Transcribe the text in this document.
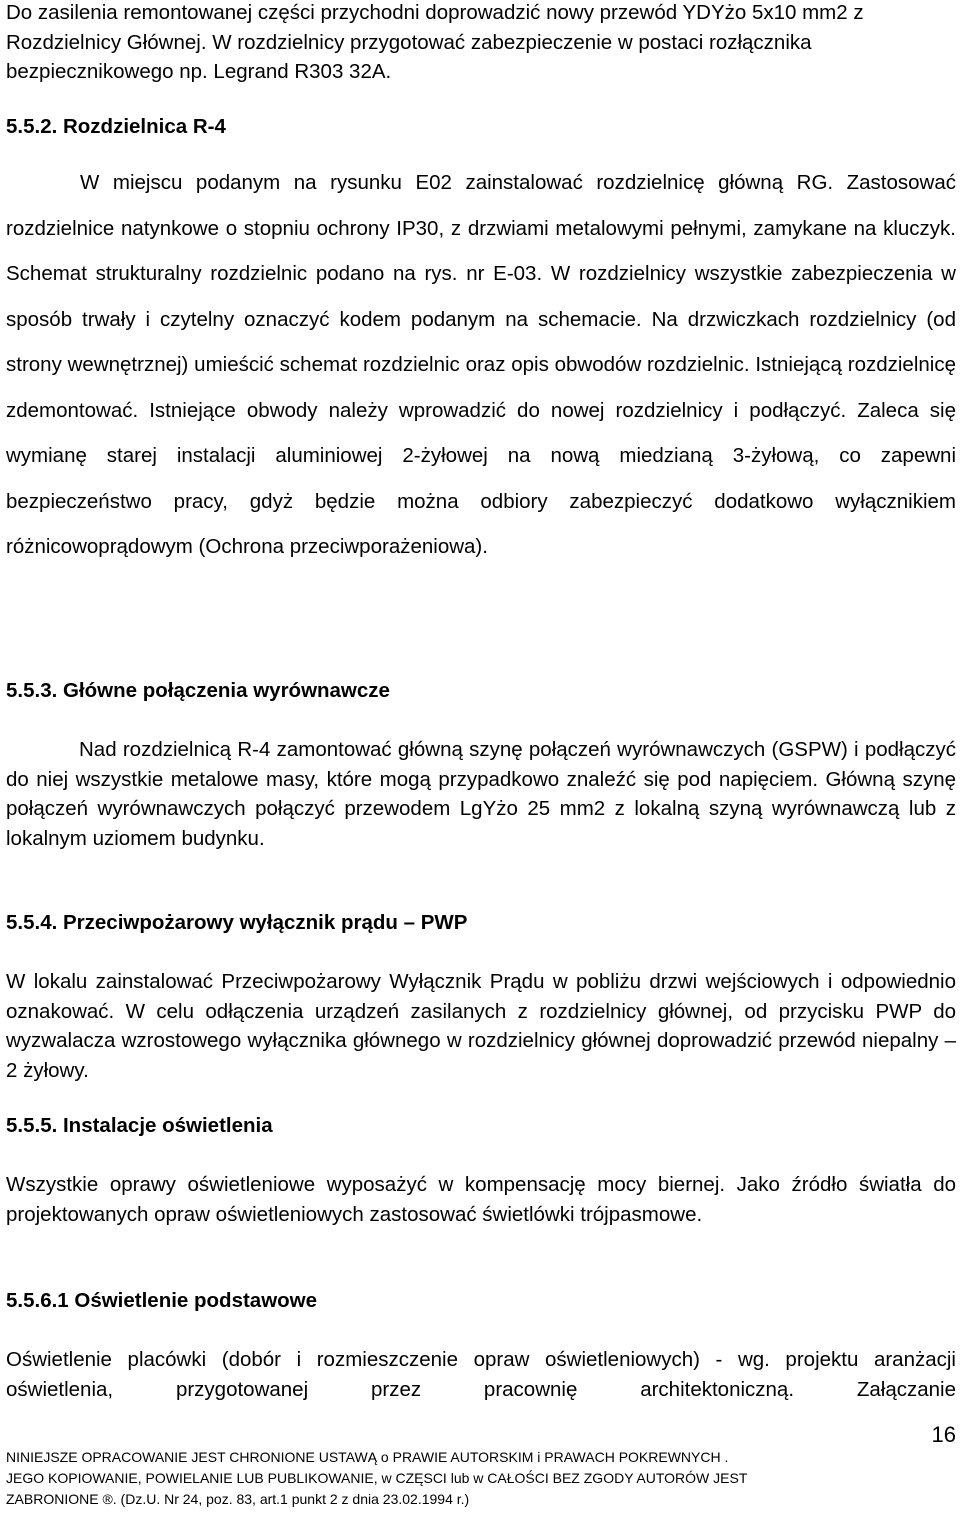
Do zasilenia remontowanej części przychodni doprowadzić nowy przewód YDYżo 5x10 mm2 z Rozdzielnicy Głównej. W rozdzielnicy przygotować zabezpieczenie w postaci rozłącznika bezpiecznikowego np. Legrand R303 32A.

5.5.2. Rozdzielnica R-4

W miejscu podanym na rysunku E02 zainstalować rozdzielnicę główną RG. Zastosować rozdzielnice natynkowe o stopniu ochrony IP30, z drzwiami metalowymi pełnymi, zamykane na kluczyk. Schemat strukturalny rozdzielnic podano na rys. nr E-03. W rozdzielnicy wszystkie zabezpieczenia w sposób trwały i czytelny oznaczyć kodem podanym na schemacie. Na drzwiczkach rozdzielnicy (od strony wewnętrznej) umieścić schemat rozdzielnic oraz opis obwodów rozdzielnic. Istniejącą rozdzielnicę zdemontować. Istniejące obwody należy wprowadzić do nowej rozdzielnicy i podłączyć. Zaleca się wymianę starej instalacji aluminiowej 2-żyłowej na nową miedzianą 3-żyłową, co zapewni bezpieczeństwo pracy, gdyż będzie można odbiory zabezpieczyć dodatkowo wyłącznikiem różnicowoprądowym (Ochrona przeciwporażeniowa).

5.5.3. Główne połączenia wyrównawcze

Nad rozdzielnicą R-4 zamontować główną szynę połączeń wyrównawczych (GSPW) i podłączyć do niej wszystkie metalowe masy, które mogą przypadkowo znaleźć się pod napięciem. Główną szynę połączeń wyrównawczych połączyć przewodem LgYżo 25 mm2 z lokalną szyną wyrównawczą lub z lokalnym uziomem budynku.

5.5.4. Przeciwpożarowy wyłącznik prądu – PWP

W lokalu zainstalować Przeciwpożarowy Wyłącznik Prądu w pobliżu drzwi wejściowych i odpowiednio oznakować. W celu odłączenia urządzeń zasilanych z rozdzielnicy głównej, od przycisku PWP do wyzwalacza wzrostowego wyłącznika głównego w rozdzielnicy głównej doprowadzić przewód niepalny – 2 żyłowy.

5.5.5. Instalacje oświetlenia

Wszystkie oprawy oświetleniowe wyposażyć w kompensację mocy biernej. Jako źródło światła do projektowanych opraw oświetleniowych zastosować świetlówki trójpasmowe.

5.5.6.1 Oświetlenie podstawowe

Oświetlenie placówki (dobór i rozmieszczenie opraw oświetleniowych) - wg. projektu aranżacji oświetlenia, przygotowanej przez pracownię architektoniczną. Załączanie

16
NINIEJSZE OPRACOWANIE JEST CHRONIONE USTAWĄ o PRAWIE AUTORSKIM i PRAWACH POKREWNYCH .
JEGO KOPIOWANIE, POWIELANIE LUB PUBLIKOWANIE, w CZĘSCI lub w CAŁOŚCI BEZ ZGODY AUTORÓW JEST
ZABRONIONE ®. (Dz.U. Nr 24, poz. 83, art.1 punkt 2 z dnia 23.02.1994 r.)
